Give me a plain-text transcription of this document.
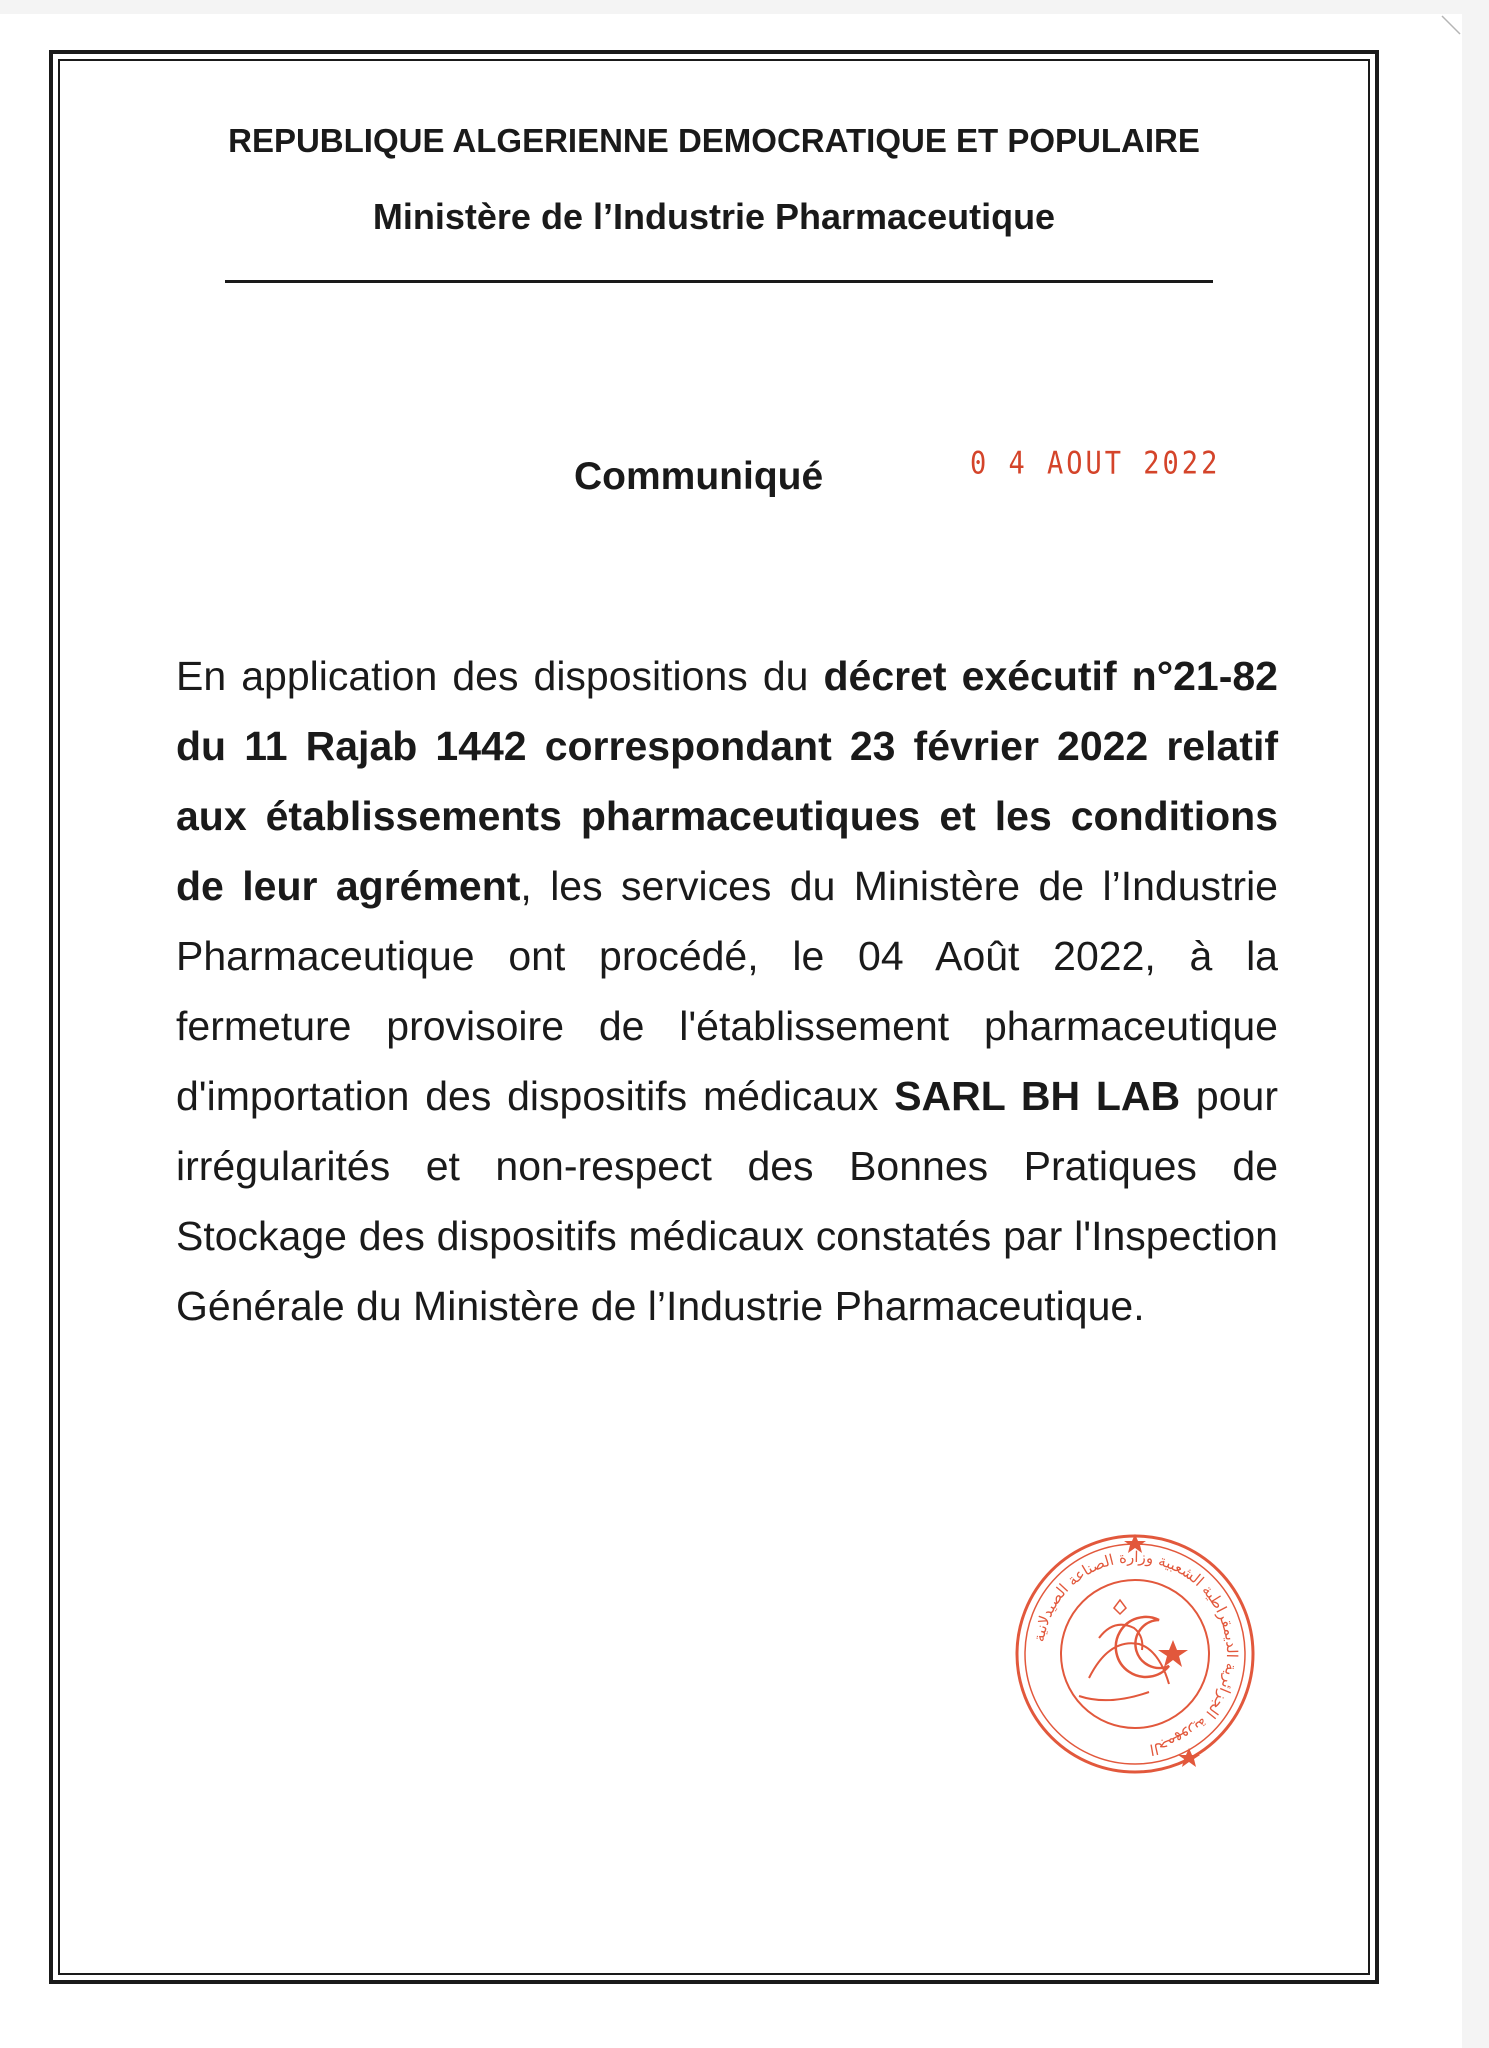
REPUBLIQUE ALGERIENNE DEMOCRATIQUE ET POPULAIRE
Ministère de l’Industrie Pharmaceutique
Communiqué	0 4 AOUT 2022

En application des dispositions du décret exécutif n°21-82 du 11 Rajab 1442 correspondant 23 février 2022 relatif aux établissements pharmaceutiques et les conditions de leur agrément, les services du Ministère de l’Industrie Pharmaceutique ont procédé, le 04 Août 2022, à la fermeture provisoire de l'établissement pharmaceutique d'importation des dispositifs médicaux SARL BH LAB pour irrégularités et non-respect des Bonnes Pratiques de Stockage des dispositifs médicaux constatés par l'Inspection Générale du Ministère de l’Industrie Pharmaceutique.

الجمهورية الجزائرية الديمقراطية الشعبية وزارة الصناعة الصيدلانية
